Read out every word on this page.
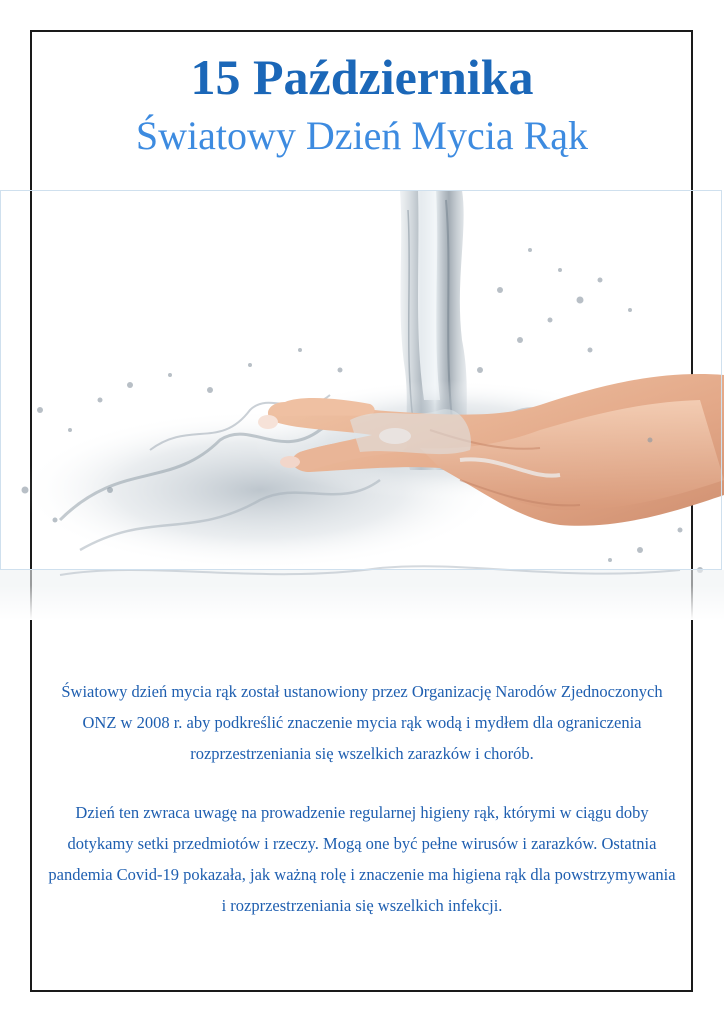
15 Października
Światowy Dzień Mycia Rąk

Światowy dzień mycia rąk został ustanowiony przez Organizację Narodów Zjednoczonych ONZ w 2008 r. aby podkreślić znaczenie mycia rąk wodą i mydłem dla ograniczenia rozprzestrzeniania się wszelkich zarazków i chorób.

Dzień ten zwraca uwagę na prowadzenie regularnej higieny rąk, którymi w ciągu doby dotykamy setki przedmiotów i rzeczy. Mogą one być pełne wirusów i zarazków. Ostatnia pandemia Covid-19 pokazała, jak ważną rolę i znaczenie ma higiena rąk dla powstrzymywania i rozprzestrzeniania się wszelkich infekcji.
